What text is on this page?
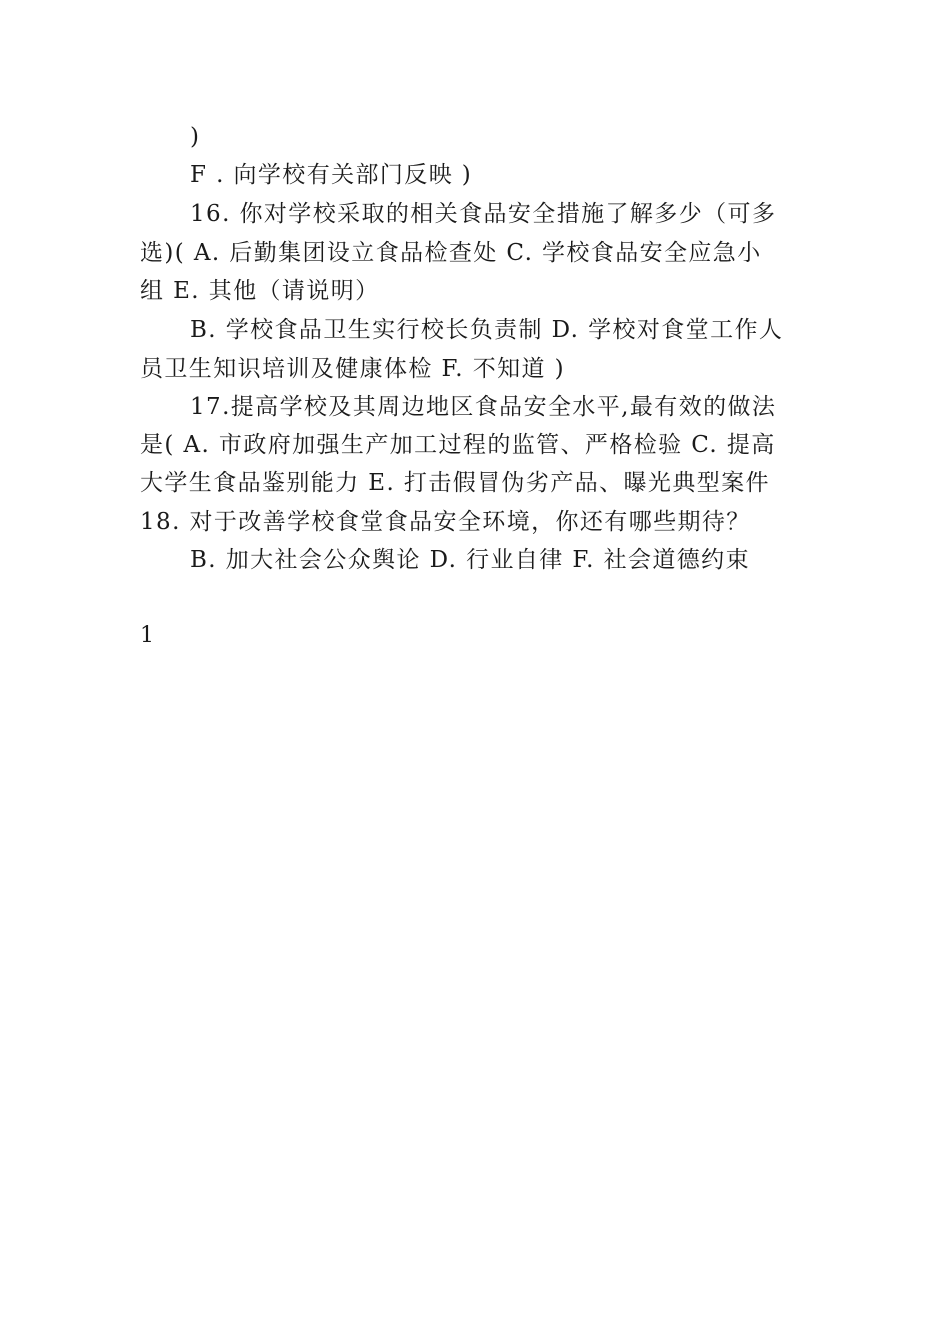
)
F . 向学校有关部门反映 )
16. 你对学校采取的相关食品安全措施了解多少（可多
选)( A. 后勤集团设立食品检查处 C. 学校食品安全应急小
组 E. 其他（请说明）
B. 学校食品卫生实行校长负责制 D. 学校对食堂工作人
员卫生知识培训及健康体检 F. 不知道 )
17.提高学校及其周边地区食品安全水平,最有效的做法
是( A. 市政府加强生产加工过程的监管、严格检验 C. 提高
大学生食品鉴别能力 E. 打击假冒伪劣产品、曝光典型案件
18. 对于改善学校食堂食品安全环境，你还有哪些期待？
B. 加大社会公众舆论 D. 行业自律 F. 社会道德约束
1
